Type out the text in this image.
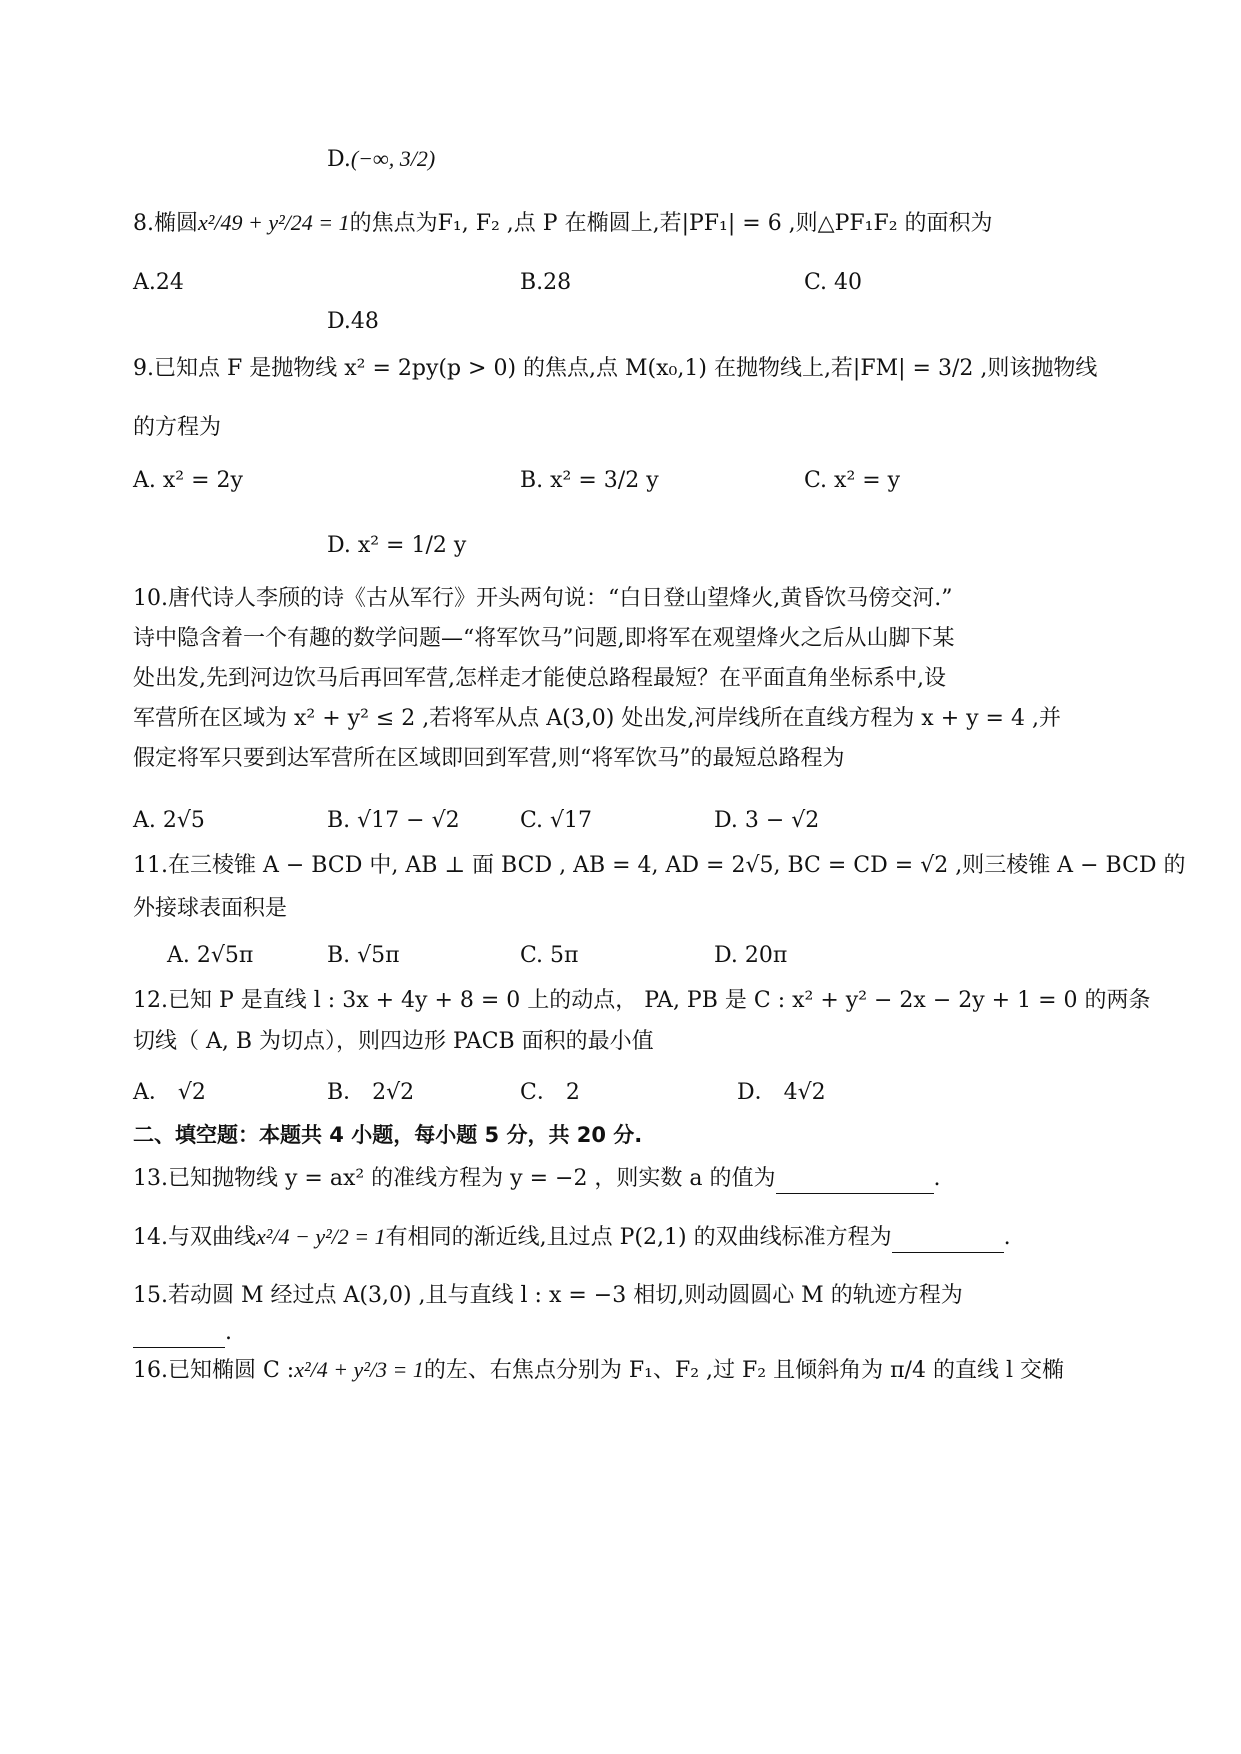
D.(−∞, 3/2)
8.椭圆x²/49 + y²/24 = 1的焦点为F₁, F₂ ,点 P 在椭圆上,若|PF₁| = 6 ,则△PF₁F₂ 的面积为
A.24	B.28	C. 40
D.48
9.已知点 F 是抛物线 x² = 2py(p > 0) 的焦点,点 M(x₀,1) 在抛物线上,若|FM| = 3/2 ,则该抛物线
的方程为
A. x² = 2y	B. x² = 3/2 y	C. x² = y
D. x² = 1/2 y
10.唐代诗人李颀的诗《古从军行》开头两句说：“白日登山望烽火,黄昏饮马傍交河.”
诗中隐含着一个有趣的数学问题—“将军饮马”问题,即将军在观望烽火之后从山脚下某
处出发,先到河边饮马后再回军营,怎样走才能使总路程最短？在平面直角坐标系中,设
军营所在区域为 x² + y² ≤ 2 ,若将军从点 A(3,0) 处出发,河岸线所在直线方程为 x + y = 4 ,并
假定将军只要到达军营所在区域即回到军营,则“将军饮马”的最短总路程为
A. 2√5	B. √17 − √2	C. √17	D. 3 − √2
11.在三棱锥 A − BCD 中, AB ⊥ 面 BCD , AB = 4, AD = 2√5, BC = CD = √2 ,则三棱锥 A − BCD 的
外接球表面积是
A. 2√5π	B. √5π	C. 5π	D. 20π
12.已知 P 是直线 l : 3x + 4y + 8 = 0 上的动点， PA, PB 是 C : x² + y² − 2x − 2y + 1 = 0 的两条
切线（ A, B 为切点），则四边形 PACB 面积的最小值
A． √2	B． 2√2	C． 2	D． 4√2
二、填空题：本题共 4 小题，每小题 5 分，共 20 分.
13.已知抛物线 y = ax² 的准线方程为 y = −2 ，则实数 a 的值为	.
14.与双曲线x²/4 − y²/2 = 1有相同的渐近线,且过点 P(2,1) 的双曲线标准方程为	.
15.若动圆 M 经过点 A(3,0) ,且与直线 l : x = −3 相切,则动圆圆心 M 的轨迹方程为
.
16.已知椭圆 C :x²/4 + y²/3 = 1的左、右焦点分别为 F₁、F₂ ,过 F₂ 且倾斜角为 π/4 的直线 l 交椭
